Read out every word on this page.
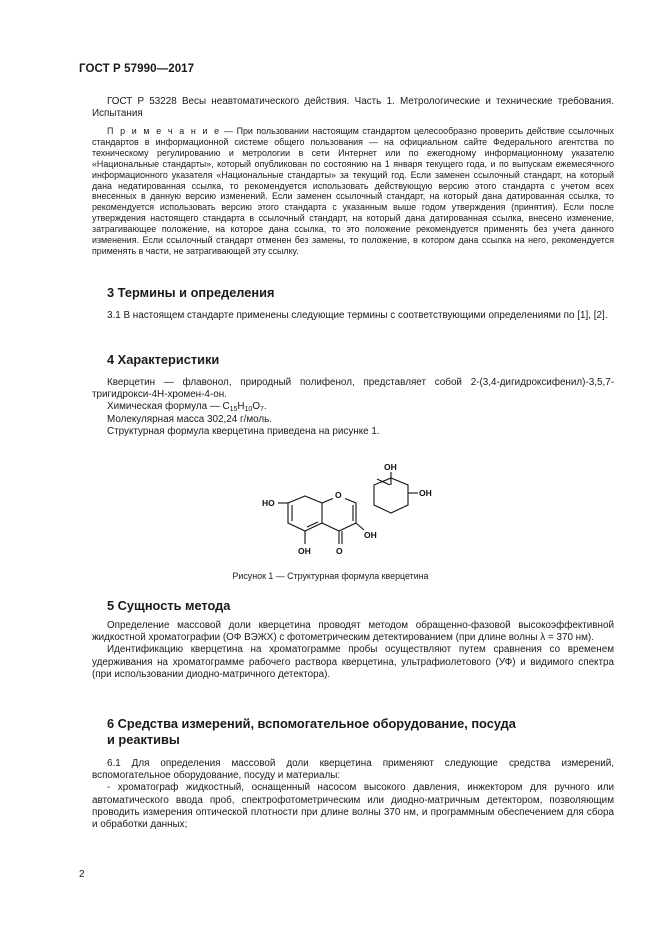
ГОСТ Р 57990—2017

ГОСТ Р 53228 Весы неавтоматического действия. Часть 1. Метрологические и технические требования. Испытания

П р и м е ч а н и е — При пользовании настоящим стандартом целесообразно проверить действие ссылочных стандартов в информационной системе общего пользования — на официальном сайте Федерального агентства по техническому регулированию и метрологии в сети Интернет или по ежегодному информационному указателю «Национальные стандарты», который опубликован по состоянию на 1 января текущего года, и по выпускам ежемесячного информационного указателя «Национальные стандарты» за текущий год. Если заменен ссылочный стандарт, на который дана недатированная ссылка, то рекомендуется использовать действующую версию этого стандарта с учетом всех внесенных в данную версию изменений. Если заменен ссылочный стандарт, на который дана датированная ссылка, то рекомендуется использовать версию этого стандарта с указанным выше годом утверждения (принятия). Если после утверждения настоящего стандарта в ссылочный стандарт, на который дана датированная ссылка, внесено изменение, затрагивающее положение, на которое дана ссылка, то это положение рекомендуется применять без учета данного изменения. Если ссылочный стандарт отменен без замены, то положение, в котором дана ссылка на него, рекомендуется применять в части, не затрагивающей эту ссылку.

3 Термины и определения

3.1 В настоящем стандарте применены следующие термины с соответствующими определениями по [1], [2].

4 Характеристики

Кверцетин — флавонол, природный полифенол, представляет собой 2-(3,4-дигидроксифенил)-3,5,7-тригидрокси-4Н-хромен-4-он.

Химическая формула — $C_{15}H_{10}O_7$.

Молекулярная масса 302,24 г/моль.

Структурная формула кверцетина приведена на рисунке 1.

O
HO
OH	O
OH
OH
OH
Рисунок 1 — Структурная формула кверцетина
5 Сущность метода

Определение массовой доли кверцетина проводят методом обращенно-фазовой высокоэффективной жидкостной хроматографии (ОФ ВЭЖХ) с фотометрическим детектированием (при длине волны λ = 370 нм).

Идентификацию кверцетина на хроматограмме пробы осуществляют путем сравнения со временем удерживания на хроматограмме рабочего раствора кверцетина, ультрафиолетового (УФ) и видимого спектра (при использовании диодно-матричного детектора).

6 Средства измерений, вспомогательное оборудование, посуда
и реактивы

6.1 Для определения массовой доли кверцетина применяют следующие средства измерений, вспомогательное оборудование, посуду и материалы:

- хроматограф жидкостный, оснащенный насосом высокого давления, инжектором для ручного или автоматического ввода проб, спектрофотометрическим или диодно-матричным детектором, позволяющим проводить измерения оптической плотности при длине волны 370 нм, и программным обеспечением для сбора и обработки данных;

2
